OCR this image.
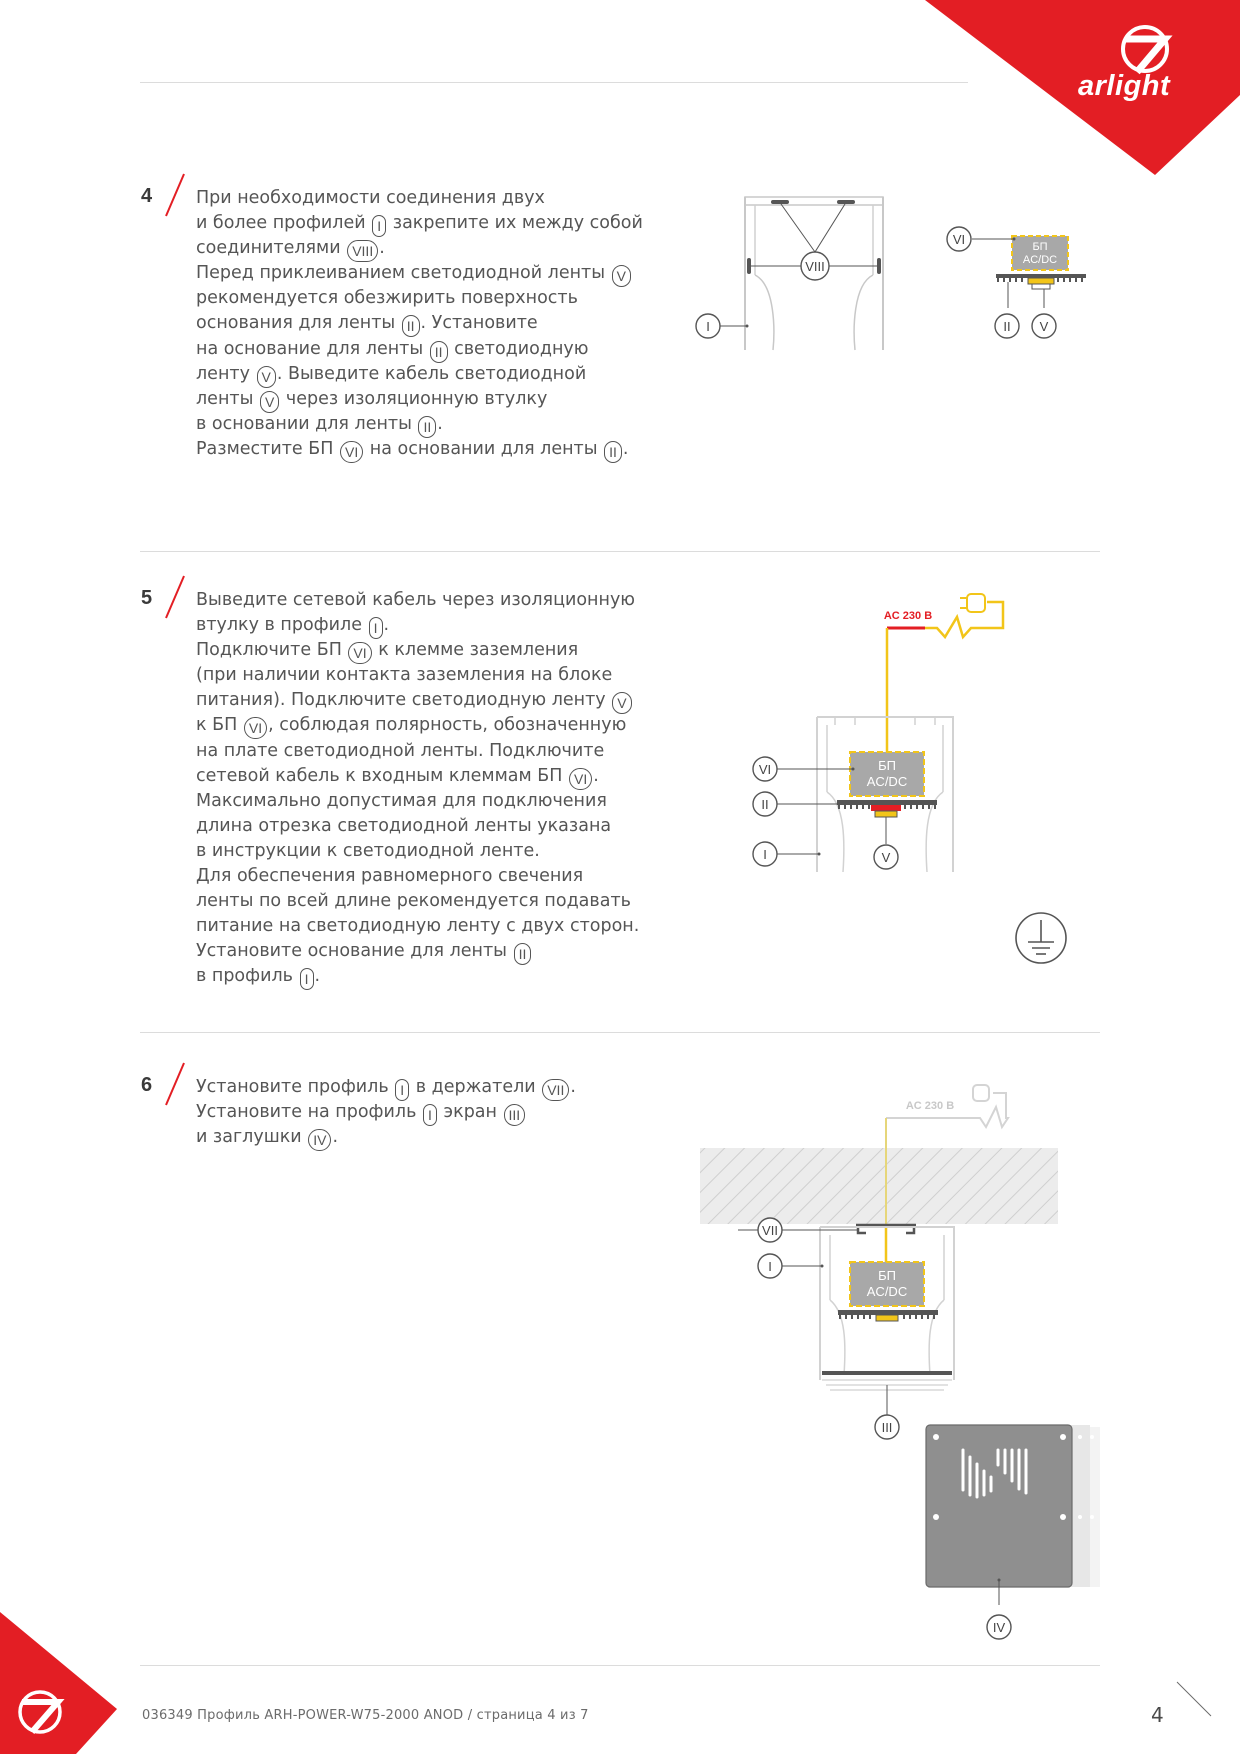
arlight
4	При необходимости соединения двух
и более профилей I закрепите их между собой
соединителями VIII .
Перед приклеиванием светодиодной ленты V
рекомендуется обезжирить поверхность
основания для ленты II . Установите
на основание для ленты II светодиодную
ленту V . Выведите кабель светодиодной
ленты V через изоляционную втулку
в основании для ленты II .
Разместите БП VI на основании для ленты II .
5	Выведите сетевой кабель через изоляционную
втулку в профиле I .
Подключите БП VI к клемме заземления
(при наличии контакта заземления на блоке
питания). Подключите светодиодную ленту V
к БП VI , соблюдая полярность, обозначенную
на плате светодиодной ленты. Подключите
сетевой кабель к входным клеммам БП VI .
Максимально допустимая для подключения
длина отрезка светодиодной ленты указана
в инструкции к светодиодной ленте.
Для обеспечения равномерного свечения
ленты по всей длине рекомендуется подавать
питание на светодиодную ленту с двух сторон.
Установите основание для ленты II
в профиль I .
6	Установите профиль I в держатели VII .
Установите на профиль I экран III
и заглушки IV .
VIII
I
БП
AC/DC
VI
II V
AC 230 В
БП
AC/DC
VI
II
I	V
AC 230 В
БП
AC/DC
VII
I
III
IV
036349 Профиль ARH-POWER-W75-2000 ANOD / страница 4 из 7	4
